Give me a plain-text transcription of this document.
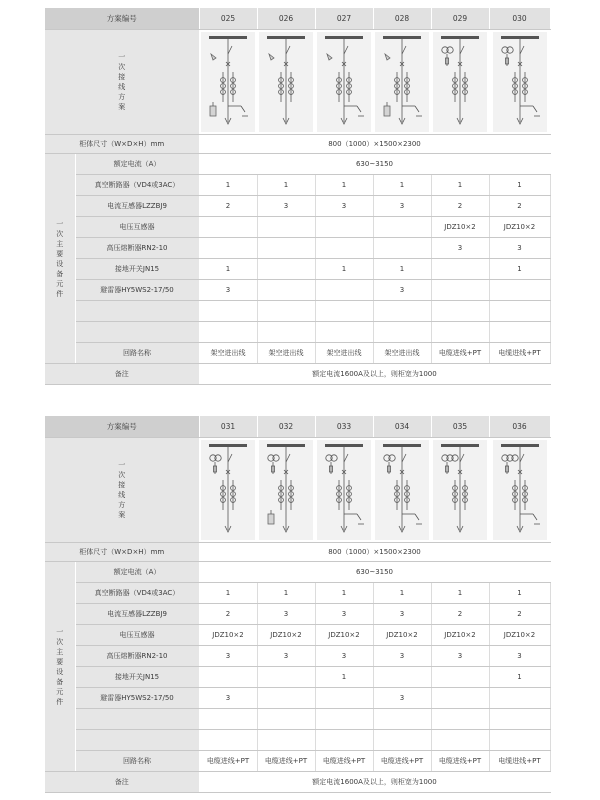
方案编号		025	026	027	028	029	030
一次接线方案	

柜体尺寸（W×D×H）mm		800（1000）×1500×2300					
一次主要设备元件	额定电流（A）	630~3150					
	真空断路器（VD4或3AC）	1	1	1	1	1	1
	电流互感器LZZBJ9	2	3	3	3	2	2
	电压互感器					JDZ10×2	JDZ10×2
	高压熔断器RN2-10					3	3
	接地开关JN15	1		1	1		1
	避雷器HY5WS2-17/50	3			3		

	回路名称	架空进出线	架空进出线	架空进出线	架空进出线	电缆进线+PT	电缆进线+PT
备注		额定电流1600A及以上，则柜宽为1000					
方案编号		031	032	033	034	035	036
一次接线方案	

柜体尺寸（W×D×H）mm		800（1000）×1500×2300					
一次主要设备元件	额定电流（A）	630~3150					
	真空断路器（VD4或3AC）	1	1	1	1	1	1
	电流互感器LZZBJ9	2	3	3	3	2	2
	电压互感器	JDZ10×2	JDZ10×2	JDZ10×2	JDZ10×2	JDZ10×2	JDZ10×2
	高压熔断器RN2-10	3	3	3	3	3	3
	接地开关JN15			1			1
	避雷器HY5WS2-17/50	3			3		

	回路名称	电缆进线+PT	电缆进线+PT	电缆进线+PT	电缆进线+PT	电缆进线+PT	电缆进线+PT
备注		额定电流1600A及以上，则柜宽为1000					
